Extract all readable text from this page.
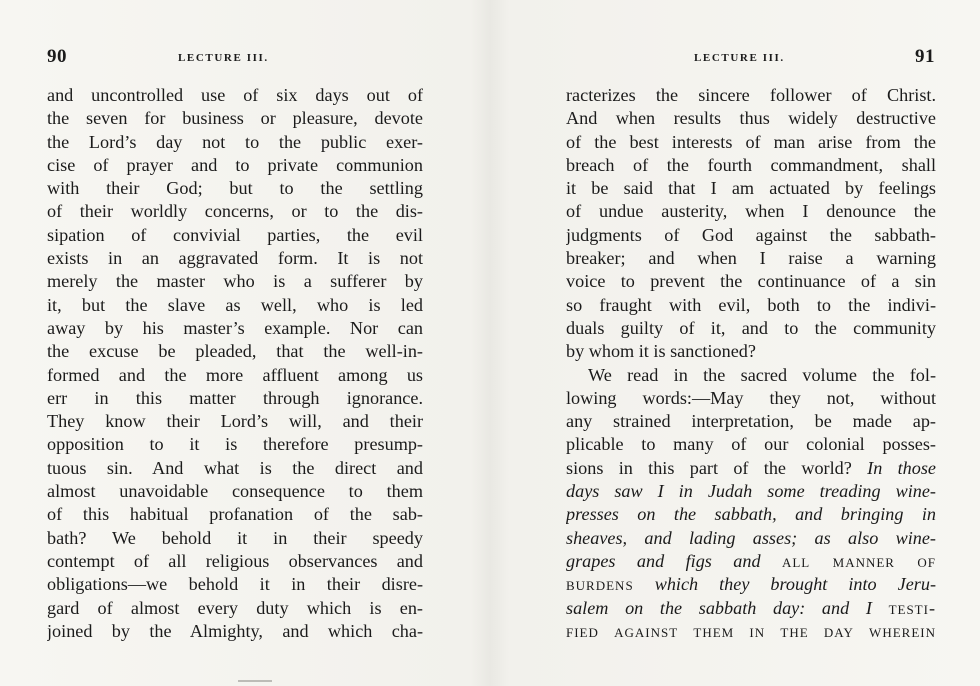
90	LECTURE III.
and uncontrolled use of six days out of
the seven for business or pleasure, devote
the Lord’s day not to the public exer-
cise of prayer and to private communion
with their God; but to the settling
of their worldly concerns, or to the dis-
sipation of convivial parties, the evil
exists in an aggravated form. It is not
merely the master who is a sufferer by
it, but the slave as well, who is led
away by his master’s example. Nor can
the excuse be pleaded, that the well-in-
formed and the more affluent among us
err in this matter through ignorance.
They know their Lord’s will, and their
opposition to it is therefore presump-
tuous sin. And what is the direct and
almost unavoidable consequence to them
of this habitual profanation of the sab-
bath? We behold it in their speedy
contempt of all religious observances and
obligations—we behold it in their disre-
gard of almost every duty which is en-
joined by the Almighty, and which cha-
LECTURE III.	91
racterizes the sincere follower of Christ.
And when results thus widely destructive
of the best interests of man arise from the
breach of the fourth commandment, shall
it be said that I am actuated by feelings
of undue austerity, when I denounce the
judgments of God against the sabbath-
breaker; and when I raise a warning
voice to prevent the continuance of a sin
so fraught with evil, both to the indivi-
duals guilty of it, and to the community
by whom it is sanctioned?
We read in the sacred volume the fol-
lowing words:—May they not, without
any strained interpretation, be made ap-
plicable to many of our colonial posses-
sions in this part of the world? In those
days saw I in Judah some treading wine-
presses on the sabbath, and bringing in
sheaves, and lading asses; as also wine-
grapes and figs and all manner of
burdens which they brought into Jeru-
salem on the sabbath day: and I testi-
fied against them in the day wherein
